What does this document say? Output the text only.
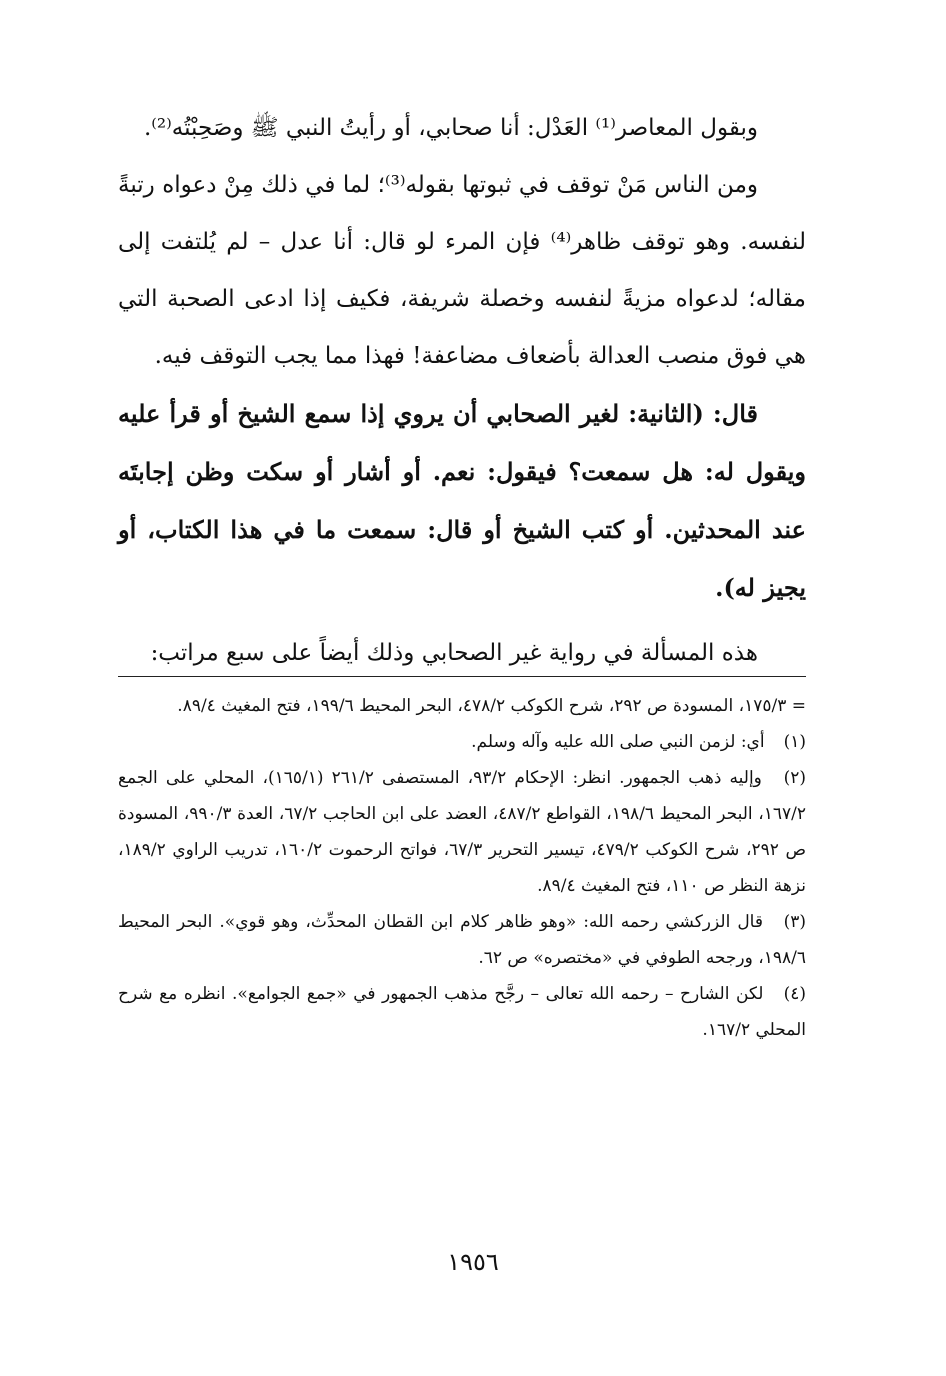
وبقول المعاصر⁽¹⁾ العَدْل: أنا صحابي، أو رأيتُ النبي ﷺ وصَحِبْتُه⁽²⁾.

ومن الناس مَنْ توقف في ثبوتها بقوله⁽³⁾؛ لما في ذلك مِنْ دعواه رتبةً لنفسه. وهو توقف ظاهر⁽⁴⁾ فإن المرء لو قال: أنا عدل – لم يُلتفت إلى مقاله؛ لدعواه مزيةً لنفسه وخصلة شريفة، فكيف إذا ادعى الصحبة التي هي فوق منصب العدالة بأضعاف مضاعفة! فهذا مما يجب التوقف فيه.

قال: (الثانية: لغير الصحابي أن يروي إذا سمع الشيخ أو قرأ عليه ويقول له: هل سمعت؟ فيقول: نعم. أو أشار أو سكت وظن إجابتَه عند المحدثين. أو كتب الشيخ أو قال: سمعت ما في هذا الكتاب، أو يجيز له).

هذه المسألة في رواية غير الصحابي وذلك أيضاً على سبع مراتب:

= ١٧٥/٣، المسودة ص ٢٩٢، شرح الكوكب ٤٧٨/٢، البحر المحيط ١٩٩/٦، فتح المغيث ٨٩/٤.

(١) أي: لزمن النبي صلى الله عليه وآله وسلم.

(٢) وإليه ذهب الجمهور. انظر: الإحكام ٩٣/٢، المستصفى ٢٦١/٢ (١٦٥/١)، المحلي على الجمع ١٦٧/٢، البحر المحيط ١٩٨/٦، القواطع ٤٨٧/٢، العضد على ابن الحاجب ٦٧/٢، العدة ٩٩٠/٣، المسودة ص ٢٩٢، شرح الكوكب ٤٧٩/٢، تيسير التحرير ٦٧/٣، فواتح الرحموت ١٦٠/٢، تدريب الراوي ١٨٩/٢، نزهة النظر ص ١١٠، فتح المغيث ٨٩/٤.

(٣) قال الزركشي رحمه الله: «وهو ظاهر كلام ابن القطان المحدِّث، وهو قوي». البحر المحيط ١٩٨/٦، ورجحه الطوفي في «مختصره» ص ٦٢.

(٤) لكن الشارح – رحمه الله تعالى – رجَّح مذهب الجمهور في «جمع الجوامع». انظره مع شرح المحلي ١٦٧/٢.

١٩٥٦
